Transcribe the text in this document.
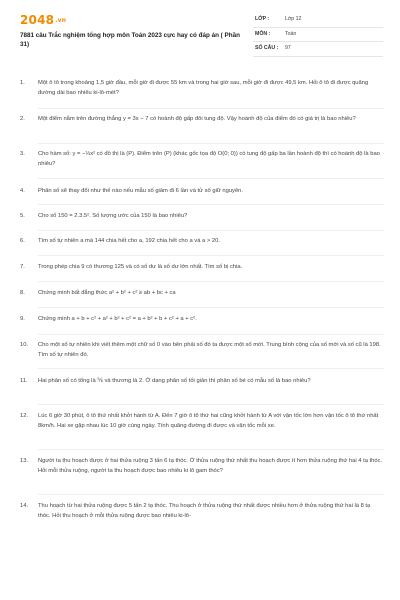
2048.vn
7881 câu Trắc nghiệm tổng hợp môn Toán 2023 cực hay có đáp án ( Phần 31)
LỚP :	Lớp 12
MÔN :	Toán
SỐ CÂU : 97
1.	Một ô tô trong khoảng 1,5 giờ đầu, mỗi giờ đi được 55 km và trong hai giờ sau, mỗi giờ đi được 49,5 km. Hỏi ô tô đi được quãng đường dài bao nhiêu ki-lô-mét?
2.	Một điểm nằm trên đường thẳng y = 3x − 7 có hoành độ gấp đôi tung độ. Vậy hoành độ của điểm đó có giá trị là bao nhiêu?
3.	Cho hàm số: y = −⅓x² có đồ thị là (P). Điểm trên (P) (khác gốc tọa độ O(0; 0)) có tung độ gấp ba lần hoành độ thì có hoành độ là bao nhiêu?
4.	Phân số sẽ thay đổi như thế nào nếu mẫu số giảm đi 6 lần và tử số giữ nguyên.
5.	Cho số 150 = 2.3.5². Số lượng ước của 150 là bao nhiêu?
6.	Tìm số tự nhiên a mà 144 chia hết cho a, 192 chia hết cho a và a > 20.
7.	Trong phép chia 9 có thương 125 và có số dư là số dư lớn nhất. Tìm số bị chia.
8.	Chứng minh bất đẳng thức a² + b² + c² ≥ ab + bc + ca
9.	Chứng minh a + b + c² + a² + b² + c² = a + b² + b + c² + a + c².
10.	Cho một số tự nhiên khi viết thêm một chữ số 0 vào bên phải số đó ta được một số mới. Trung bình cộng của số mới và số cũ là 198. Tìm số tự nhiên đó.
11.	Hai phân số có tổng là ⅚ và thương là 2. Ở dạng phân số tối giản thì phân số bé có mẫu số là bao nhiêu?
12.	Lúc 6 giờ 30 phút, ô tô thứ nhất khởi hành từ A. Đến 7 giờ ô tô thứ hai cũng khởi hành từ A với vận tốc lớn hơn vận tốc ô tô thứ nhất 8km/h. Hai xe gặp nhau lúc 10 giờ cùng ngày. Tính quãng đường đi được và vận tốc mỗi xe.
13.	Người ta thu hoạch được ở hai thửa ruộng 3 tấn 6 tạ thóc. Ở thửa ruộng thứ nhất thu hoạch được ít hơn thửa ruộng thứ hai 4 tạ thóc. Hỏi mỗi thửa ruộng, người ta thu hoạch được bao nhiêu ki lô gam thóc?
14.	Thu hoạch từ hai thửa ruộng được 5 tấn 2 tạ thóc. Thu hoạch ở thửa ruộng thứ nhất được nhiều hơn ở thửa ruộng thứ hai là 8 tạ thóc. Hỏi thu hoạch ở mỗi thửa ruộng được bao nhiêu ki-lô-
